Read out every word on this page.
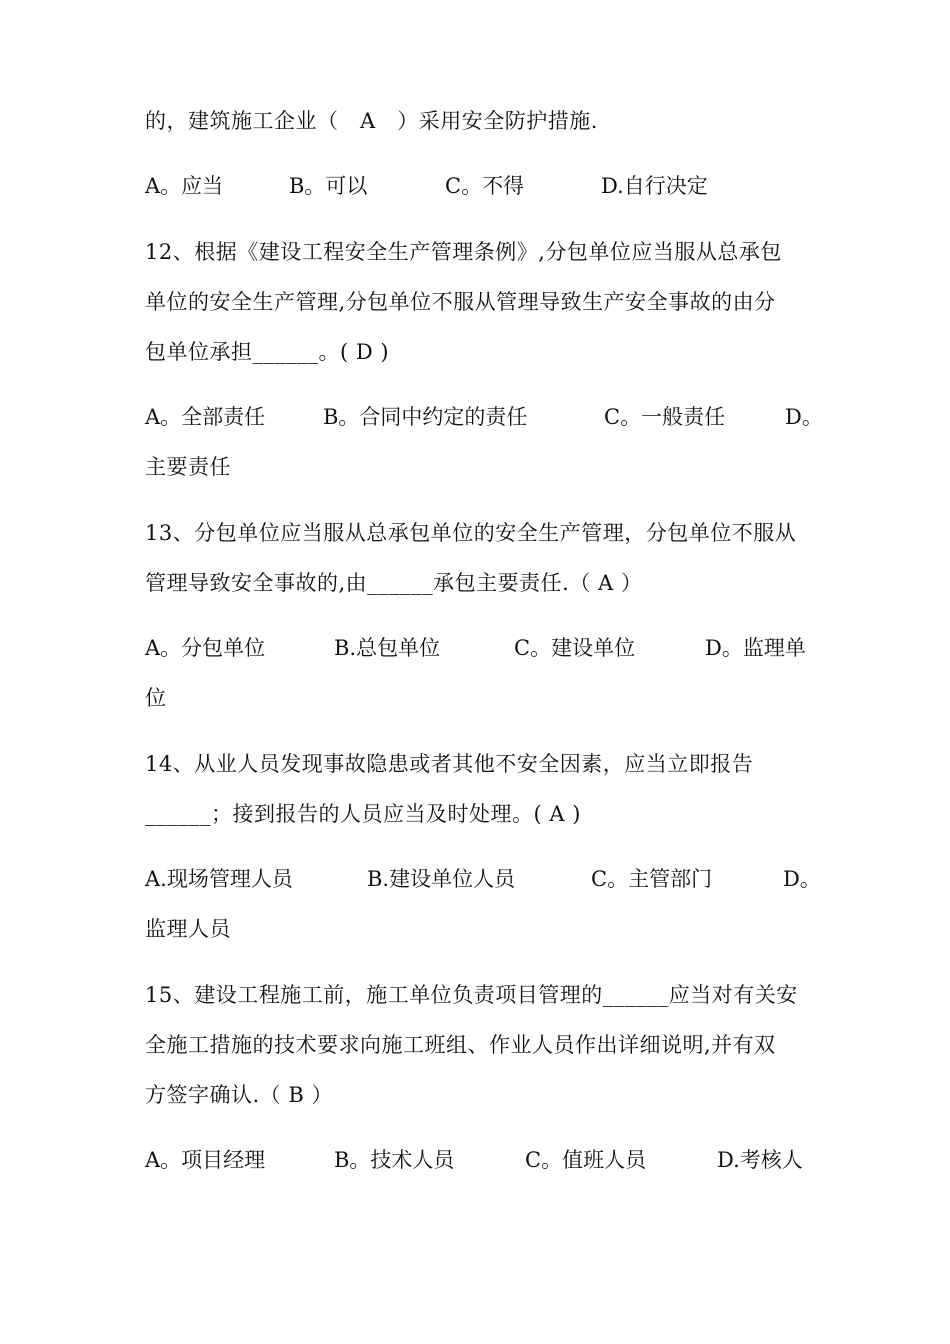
的，建筑施工企业（   A   ）采用安全防护措施.
A。应当	B。可以	C。不得	D.自行决定
12、根据《建设工程安全生产管理条例》,分包单位应当服从总承包
单位的安全生产管理,分包单位不服从管理导致生产安全事故的由分
包单位承担______。( D )
A。全部责任	B。合同中约定的责任	C。一般责任	D。
主要责任
13、分包单位应当服从总承包单位的安全生产管理，分包单位不服从
管理导致安全事故的,由______承包主要责任.（ A ）
A。分包单位	B.总包单位	C。建设单位	D。监理单
位
14、从业人员发现事故隐患或者其他不安全因素，应当立即报告
______；接到报告的人员应当及时处理。( A )
A.现场管理人员	B.建设单位人员	C。主管部门	D。
监理人员
15、建设工程施工前，施工单位负责项目管理的______应当对有关安
全施工措施的技术要求向施工班组、作业人员作出详细说明,并有双
方签字确认.（ B ）
A。项目经理	B。技术人员	C。值班人员	D.考核人
